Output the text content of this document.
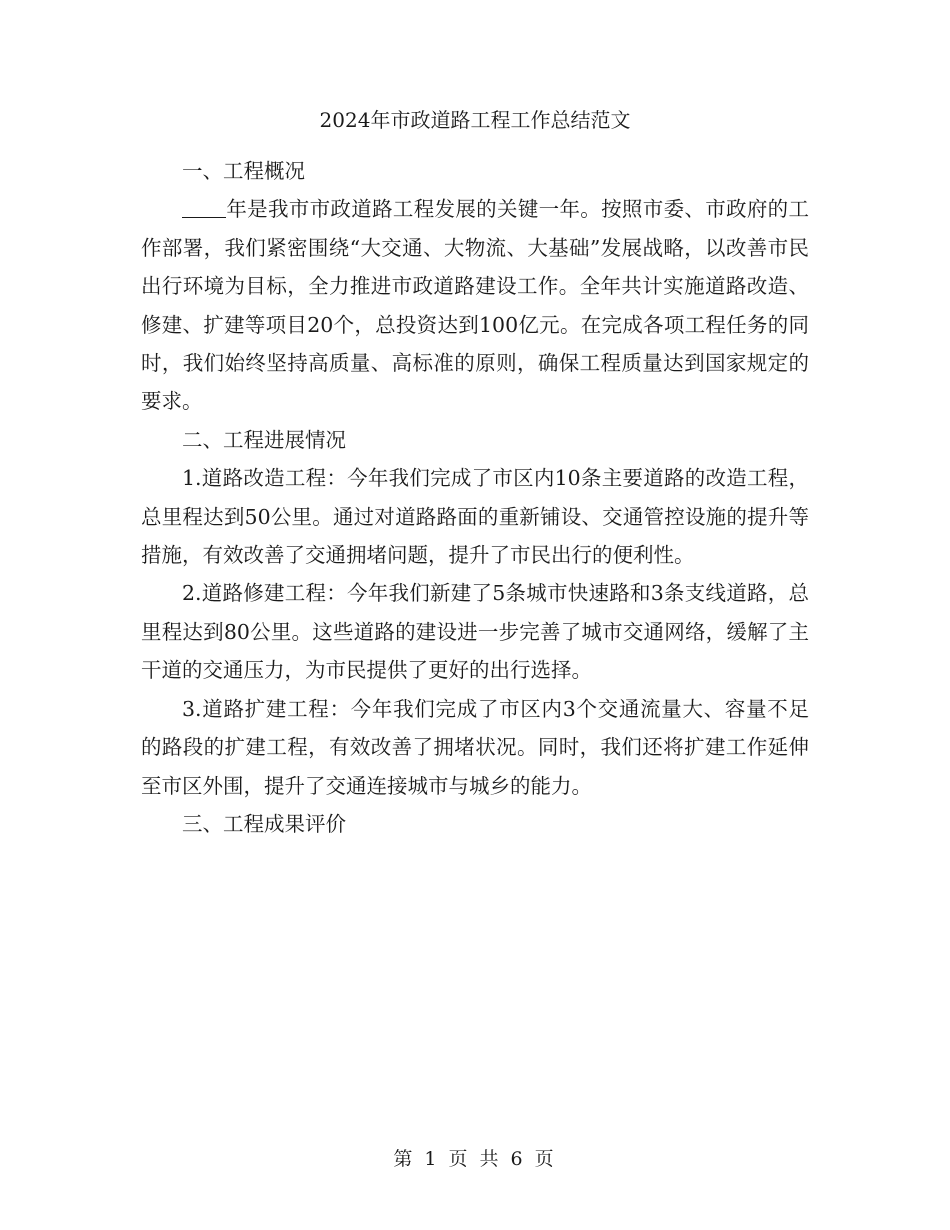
2024年市政道路工程工作总结范文

一、工程概况

年是我市市政道路工程发展的关键一年。按照市委、市政府的工作部署，我们紧密围绕“大交通、大物流、大基础”发展战略，以改善市民出行环境为目标，全力推进市政道路建设工作。全年共计实施道路改造、修建、扩建等项目20个，总投资达到100亿元。在完成各项工程任务的同时，我们始终坚持高质量、高标准的原则，确保工程质量达到国家规定的要求。

二、工程进展情况

1.道路改造工程：今年我们完成了市区内10条主要道路的改造工程，总里程达到50公里。通过对道路路面的重新铺设、交通管控设施的提升等措施，有效改善了交通拥堵问题，提升了市民出行的便利性。

2.道路修建工程：今年我们新建了5条城市快速路和3条支线道路，总里程达到80公里。这些道路的建设进一步完善了城市交通网络，缓解了主干道的交通压力，为市民提供了更好的出行选择。

3.道路扩建工程：今年我们完成了市区内3个交通流量大、容量不足的路段的扩建工程，有效改善了拥堵状况。同时，我们还将扩建工作延伸至市区外围，提升了交通连接城市与城乡的能力。

三、工程成果评价

第 1 页 共 6 页
